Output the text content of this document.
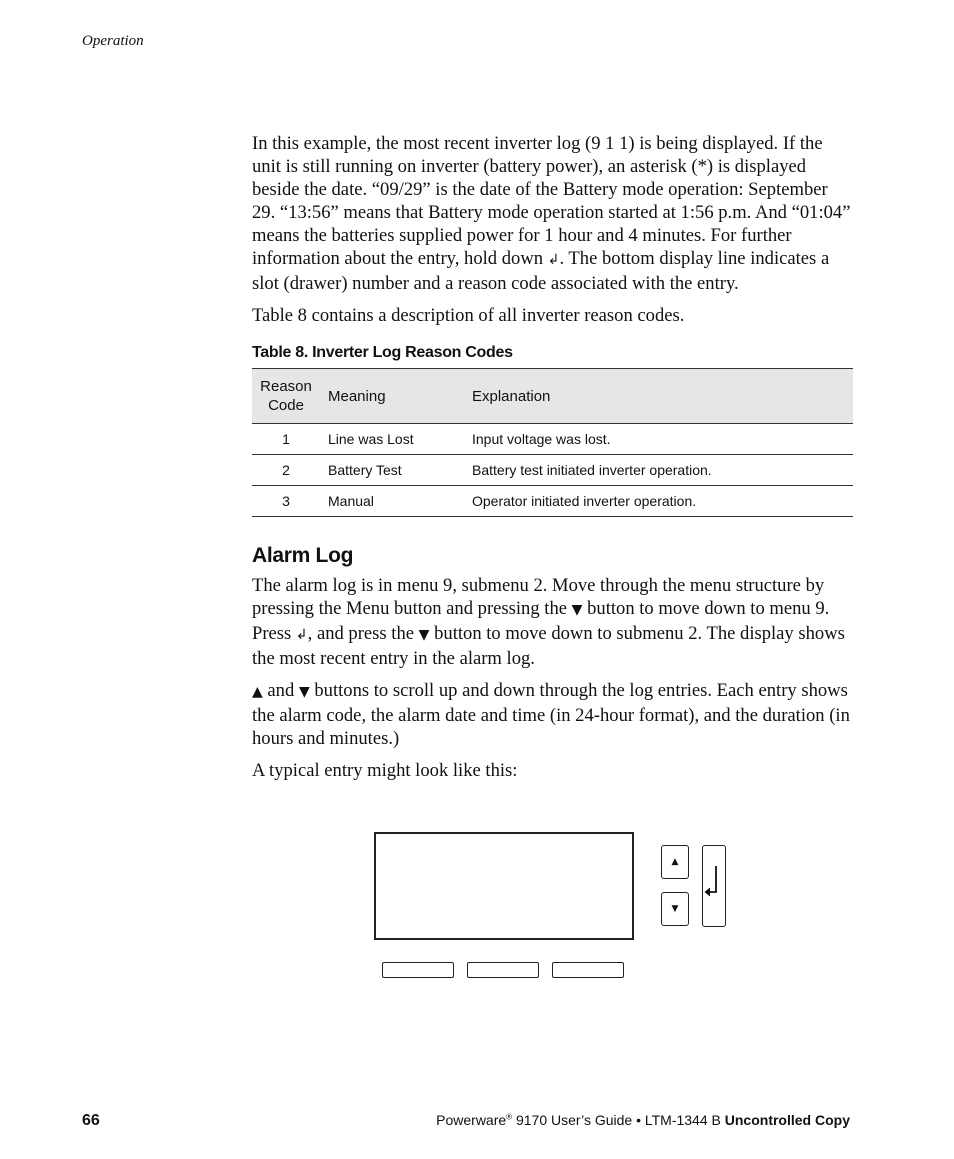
Operation

In this example, the most recent inverter log (9 1 1) is being displayed. If the unit is still running on inverter (battery power), an asterisk (*) is displayed beside the date. “09/29” is the date of the Battery mode operation: September 29. “13:56” means that Battery mode operation started at 1:56 p.m. And “01:04” means the batteries supplied power for 1 hour and 4 minutes. For further information about the entry, hold down ↲. The bottom display line indicates a slot (drawer) number and a reason code associated with the entry.

Table 8 contains a description of all inverter reason codes.

Table 8. Inverter Log Reason Codes
Reason
Code	Meaning	Explanation
1	Line was Lost	Input voltage was lost.
2	Battery Test	Battery test initiated inverter operation.
3	Manual	Operator initiated inverter operation.
Alarm Log

The alarm log is in menu 9, submenu 2. Move through the menu structure by pressing the Menu button and pressing the ▼ button to move down to menu 9. Press ↲, and press the ▼ button to move down to submenu 2. The display shows the most recent entry in the alarm log.

▲ and ▼ buttons to scroll up and down through the log entries. Each entry shows the alarm code, the alarm date and time (in 24-hour format), and the duration (in hours and minutes.)

A typical entry might look like this:

▲
▼
66	Powerware® 9170 User’s Guide • LTM-1344 B Uncontrolled Copy
